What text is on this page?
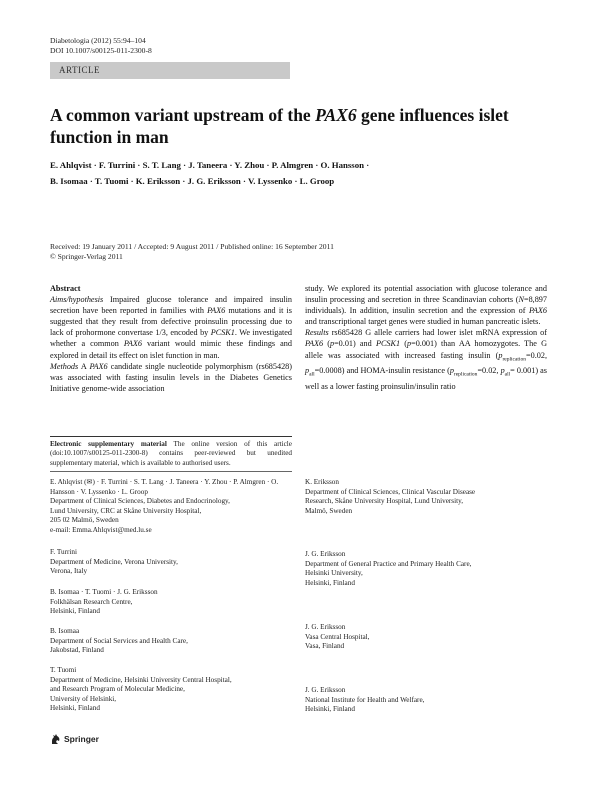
Diabetologia (2012) 55:94–104
DOI 10.1007/s00125-011-2300-8
ARTICLE
A common variant upstream of the PAX6 gene influences islet function in man
E. Ahlqvist · F. Turrini · S. T. Lang · J. Taneera · Y. Zhou · P. Almgren · O. Hansson ·
B. Isomaa · T. Tuomi · K. Eriksson · J. G. Eriksson · V. Lyssenko · L. Groop
Received: 19 January 2011 / Accepted: 9 August 2011 / Published online: 16 September 2011
© Springer-Verlag 2011
Abstract
Aims/hypothesis Impaired glucose tolerance and impaired insulin secretion have been reported in families with PAX6 mutations and it is suggested that they result from defective proinsulin processing due to lack of prohormone convertase 1/3, encoded by PCSK1. We investigated whether a common PAX6 variant would mimic these findings and explored in detail its effect on islet function in man.
Methods A PAX6 candidate single nucleotide polymorphism (rs685428) was associated with fasting insulin levels in the Diabetes Genetics Initiative genome-wide association
study. We explored its potential association with glucose tolerance and insulin processing and secretion in three Scandinavian cohorts (N=8,897 individuals). In addition, insulin secretion and the expression of PAX6 and transcriptional target genes were studied in human pancreatic islets.
Results rs685428 G allele carriers had lower islet mRNA expression of PAX6 (p=0.01) and PCSK1 (p=0.001) than AA homozygotes. The G allele was associated with increased fasting insulin ($p_{replication}=0.02$, $p_{all}=0.0008$) and HOMA-insulin resistance ($p_{replication}=0.02$, $p_{all}= 0.001$) as well as a lower fasting proinsulin/insulin ratio
Electronic supplementary material The online version of this article (doi:10.1007/s00125-011-2300-8) contains peer-reviewed but unedited supplementary material, which is available to authorised users.
E. Ahlqvist (✉) · F. Turrini · S. T. Lang · J. Taneera · Y. Zhou · P. Almgren · O. Hansson · V. Lyssenko · L. Groop
Department of Clinical Sciences, Diabetes and Endocrinology,
Lund University, CRC at Skåne University Hospital,
205 02 Malmö, Sweden
e-mail: Emma.Ahlqvist@med.lu.se
F. Turrini
Department of Medicine, Verona University,
Verona, Italy
B. Isomaa · T. Tuomi · J. G. Eriksson
Folkhälsan Research Centre,
Helsinki, Finland
B. Isomaa
Department of Social Services and Health Care,
Jakobstad, Finland
T. Tuomi
Department of Medicine, Helsinki University Central Hospital,
and Research Program of Molecular Medicine,
University of Helsinki,
Helsinki, Finland
K. Eriksson
Department of Clinical Sciences, Clinical Vascular Disease
Research, Skåne University Hospital, Lund University,
Malmö, Sweden
J. G. Eriksson
Department of General Practice and Primary Health Care,
Helsinki University,
Helsinki, Finland
J. G. Eriksson
Vasa Central Hospital,
Vasa, Finland
J. G. Eriksson
National Institute for Health and Welfare,
Helsinki, Finland
Springer
